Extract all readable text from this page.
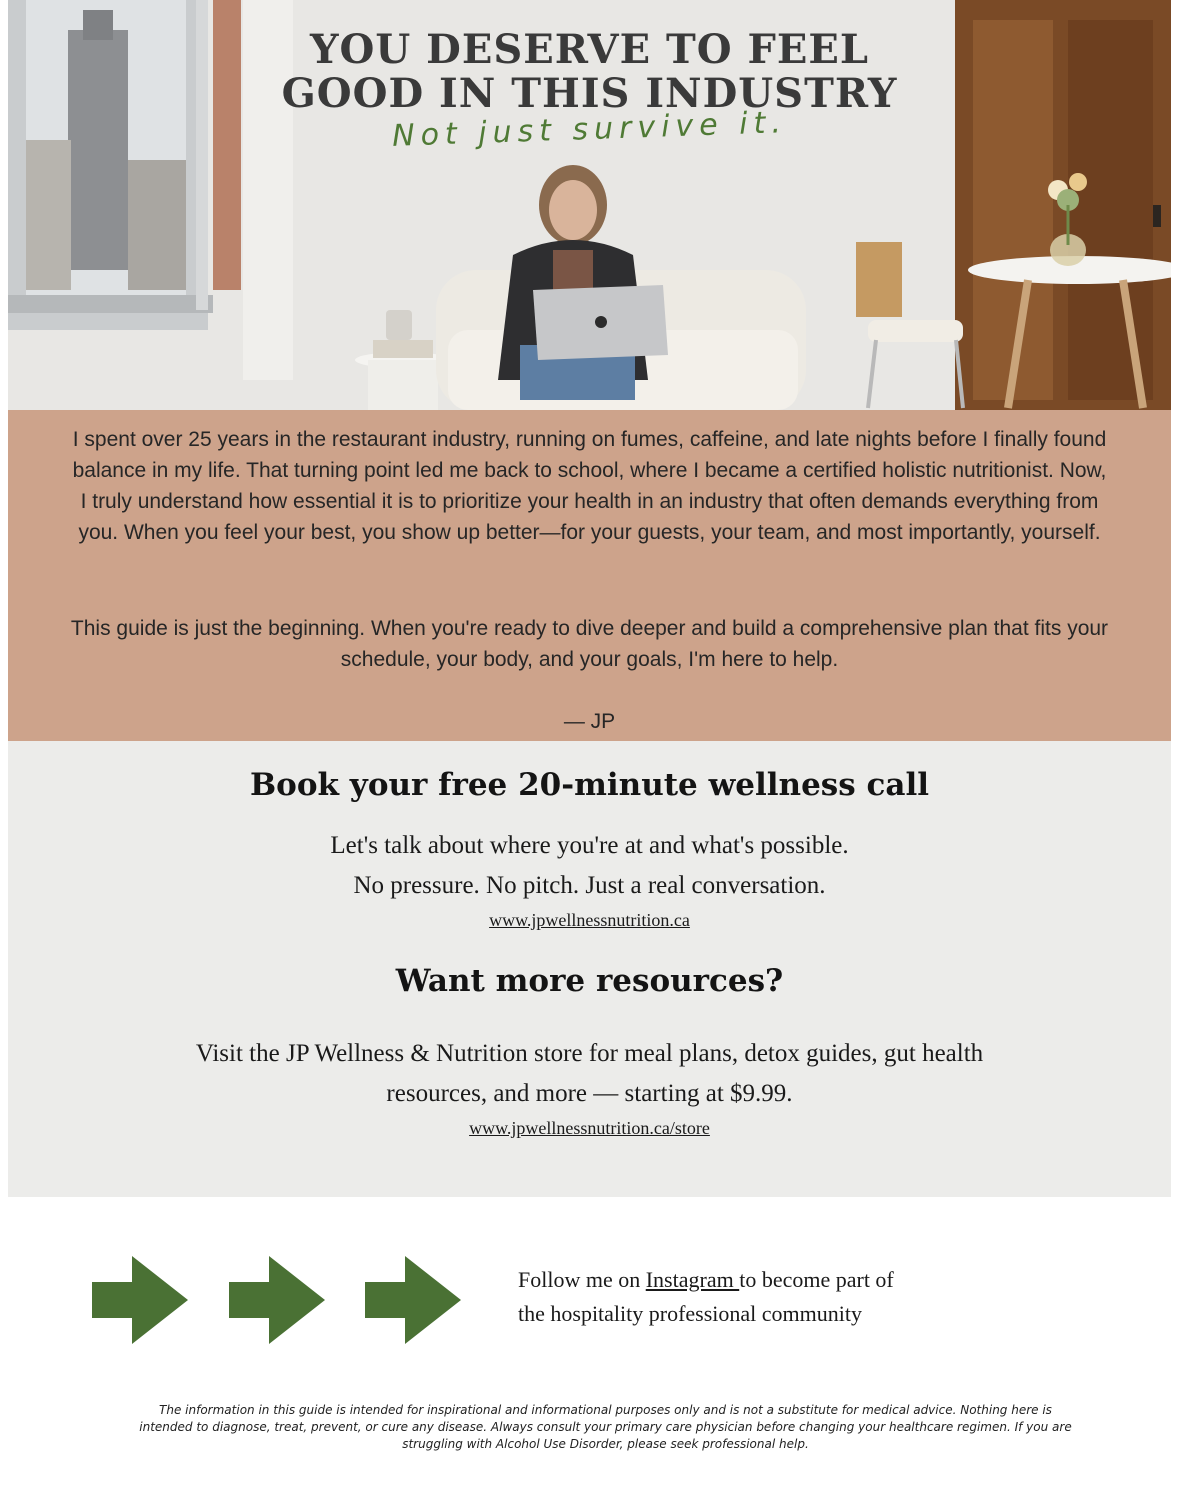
YOU DESERVE TO FEEL
GOOD IN THIS INDUSTRY
Not just survive it.

I spent over 25 years in the restaurant industry, running on fumes, caffeine, and late nights before I finally found balance in my life. That turning point led me back to school, where I became a certified holistic nutritionist. Now, I truly understand how essential it is to prioritize your health in an industry that often demands everything from you. When you feel your best, you show up better—for your guests, your team, and most importantly, yourself.

This guide is just the beginning. When you're ready to dive deeper and build a comprehensive plan that fits your schedule, your body, and your goals, I'm here to help.

— JP

Book your free 20-minute wellness call

Let's talk about where you're at and what's possible.

No pressure. No pitch. Just a real conversation.

www.jpwellnessnutrition.ca
Want more resources?

Visit the JP Wellness & Nutrition store for meal plans, detox guides, gut health

resources, and more — starting at $9.99.

www.jpwellnessnutrition.ca/store

Follow me on Instagram to become part of
the hospitality professional community

The information in this guide is intended for inspirational and informational purposes only and is not a substitute for medical advice. Nothing here is intended to diagnose, treat, prevent, or cure any disease. Always consult your primary care physician before changing your healthcare regimen. If you are struggling with Alcohol Use Disorder, please seek professional help.
